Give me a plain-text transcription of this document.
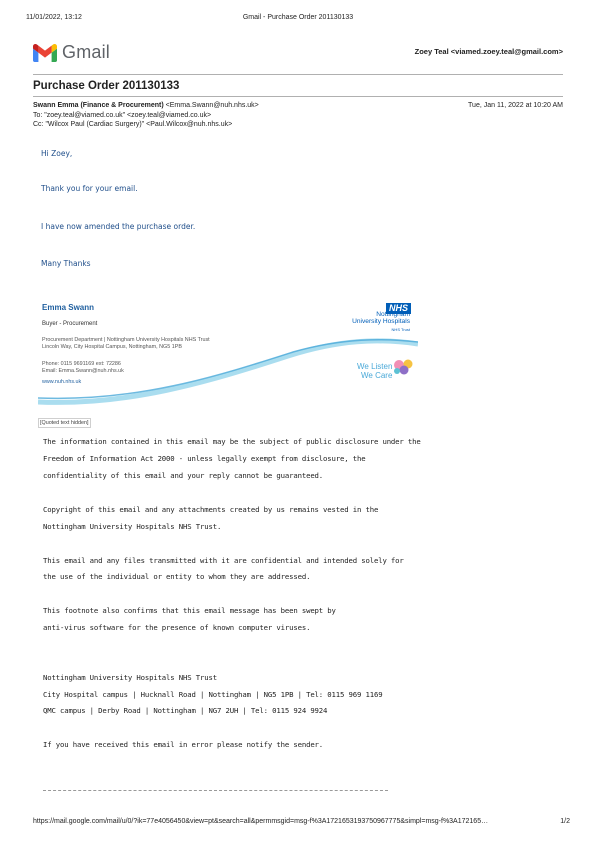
11/01/2022, 13:12	Gmail - Purchase Order 201130133
Gmail	Zoey Teal <viamed.zoey.teal@gmail.com>
Purchase Order 201130133
Swann Emma (Finance & Procurement) <Emma.Swann@nuh.nhs.uk>	Tue, Jan 11, 2022 at 10:20 AM
To: "zoey.teal@viamed.co.uk" <zoey.teal@viamed.co.uk>
Cc: "Wilcox Paul (Cardiac Surgery)" <Paul.Wilcox@nuh.nhs.uk>
Hi Zoey,
Thank you for your email.
I have now amended the purchase order.
Many Thanks
Emma Swann
Buyer - Procurement
Procurement Department | Nottingham University Hospitals NHS Trust
Lincoln Way, City Hospital Campus, Nottingham, NG5 1PB
Phone: 0115 9691169 ext: 72286
Email: Emma.Swann@nuh.nhs.uk
www.nuh.nhs.uk
NHS
Nottingham
University Hospitals
NHS Trust
We Listen
We Care
[Quoted text hidden]
The information contained in this email may be the subject of public disclosure under the
Freedom of Information Act 2000 - unless legally exempt from disclosure, the
confidentiality of this email and your reply cannot be guaranteed.
Copyright of this email and any attachments created by us remains vested in the
Nottingham University Hospitals NHS Trust.
This email and any files transmitted with it are confidential and intended solely for
the use of the individual or entity to whom they are addressed.
This footnote also confirms that this email message has been swept by
anti-virus software for the presence of known computer viruses.
Nottingham University Hospitals NHS Trust
City Hospital campus | Hucknall Road | Nottingham | NG5 1PB | Tel: 0115 969 1169
QMC campus | Derby Road | Nottingham | NG7 2UH | Tel: 0115 924 9924
If you have received this email in error please notify the sender.
https://mail.google.com/mail/u/0/?ik=77e4056450&view=pt&search=all&permmsgid=msg-f%3A1721653193750967775&simpl=msg-f%3A172165…	1/2
